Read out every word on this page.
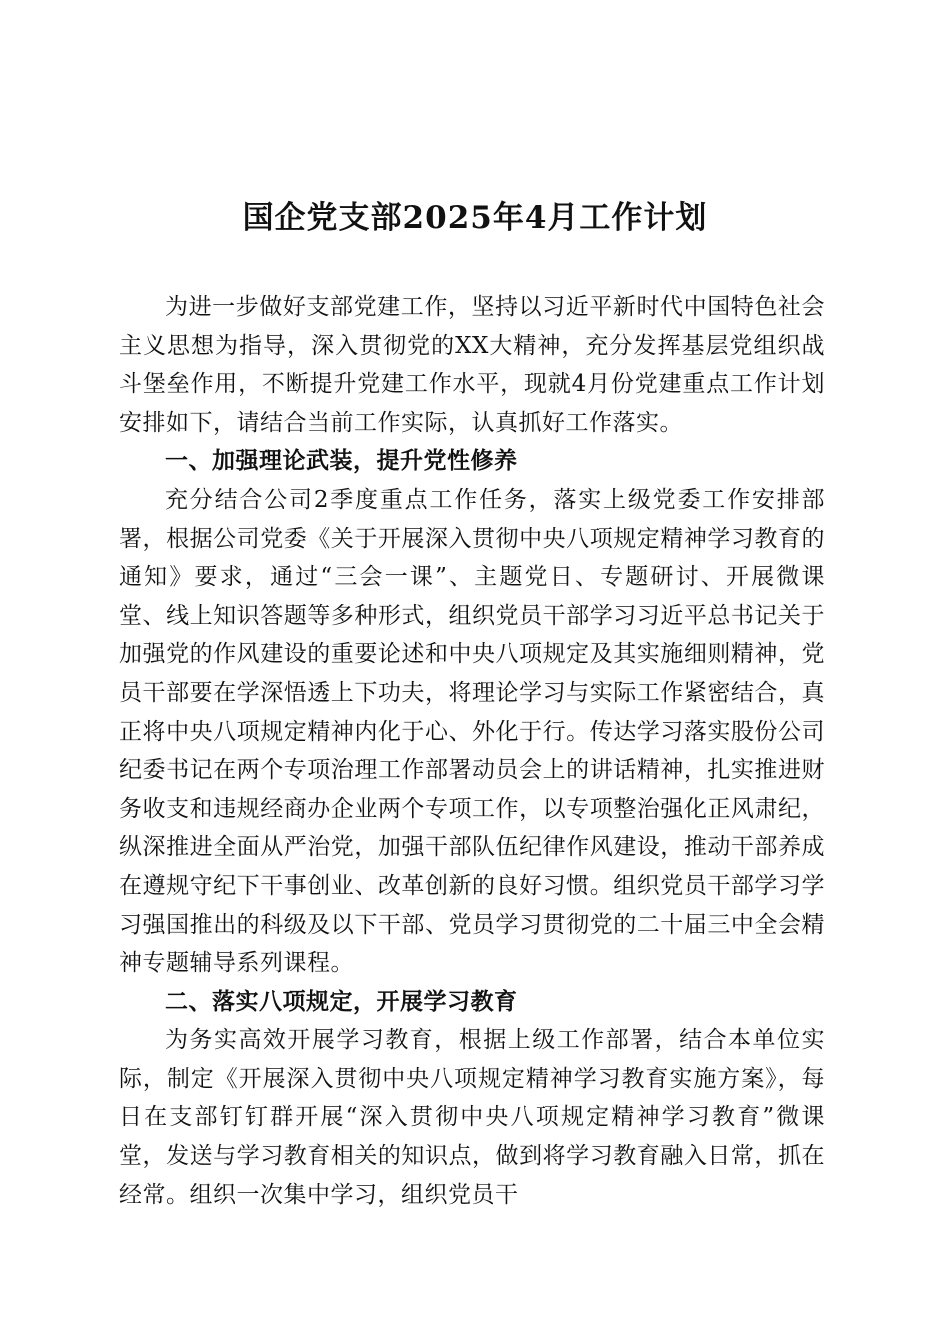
国企党支部2025年4月工作计划

为进一步做好支部党建工作，坚持以习近平新时代中国特色社会主义思想为指导，深入贯彻党的XX大精神，充分发挥基层党组织战斗堡垒作用，不断提升党建工作水平，现就4月份党建重点工作计划安排如下，请结合当前工作实际，认真抓好工作落实。

一、加强理论武装，提升党性修养

充分结合公司2季度重点工作任务，落实上级党委工作安排部署，根据公司党委《关于开展深入贯彻中央八项规定精神学习教育的通知》要求，通过“三会一课”、主题党日、专题研讨、开展微课堂、线上知识答题等多种形式，组织党员干部学习习近平总书记关于加强党的作风建设的重要论述和中央八项规定及其实施细则精神，党员干部要在学深悟透上下功夫，将理论学习与实际工作紧密结合，真正将中央八项规定精神内化于心、外化于行。传达学习落实股份公司纪委书记在两个专项治理工作部署动员会上的讲话精神，扎实推进财务收支和违规经商办企业两个专项工作，以专项整治强化正风肃纪，纵深推进全面从严治党，加强干部队伍纪律作风建设，推动干部养成在遵规守纪下干事创业、改革创新的良好习惯。组织党员干部学习学习强国推出的科级及以下干部、党员学习贯彻党的二十届三中全会精神专题辅导系列课程。

二、落实八项规定，开展学习教育

为务实高效开展学习教育，根据上级工作部署，结合本单位实际，制定《开展深入贯彻中央八项规定精神学习教育实施方案》，每日在支部钉钉群开展“深入贯彻中央八项规定精神学习教育”微课堂，发送与学习教育相关的知识点，做到将学习教育融入日常，抓在经常。组织一次集中学习，组织党员干
